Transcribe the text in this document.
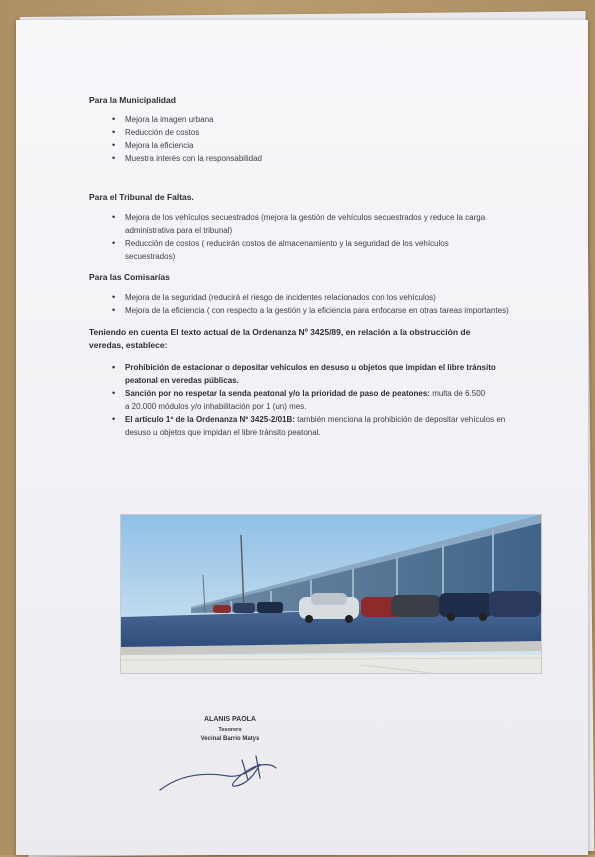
Para la Municipalidad

• Mejora la imagen urbana
• Reducción de costos
• Mejora la eficiencia
• Muestra interés con la responsabilidad

Para el Tribunal de Faltas.

• Mejora de los vehículos secuestrados (mejora la gestión de vehículos secuestrados y reduce la carga administrativa para el tribunal)
• Reducción de costos ( reducirán costos de almacenamiento y la seguridad de los vehículos secuestrados)

Para las Comisarías

• Mejora de la seguridad (reducirá el riesgo de incidentes relacionados con los vehículos)
• Mejora de la eficiencia ( con respecto a la gestión y la eficiencia para enfocarse en otras tareas importantes)

Teniendo en cuenta El texto actual de la Ordenanza Nº 3425/89, en relación a la obstrucción de veredas, establece:

• Prohibición de estacionar o depositar vehículos en desuso u objetos que impidan el libre tránsito peatonal en veredas públicas.
• Sanción por no respetar la senda peatonal y/o la prioridad de paso de peatones: multa de 6.500 a 20.000 módulos y/o inhabilitación por 1 (un) mes.
• El artículo 1º de la Ordenanza Nº 3425-2/01B: también menciona la prohibición de depositar vehículos en desuso u objetos que impidan el libre tránsito peatonal.
ALANIS PAOLA
Tesorero
Vecinal Barrio Matys
